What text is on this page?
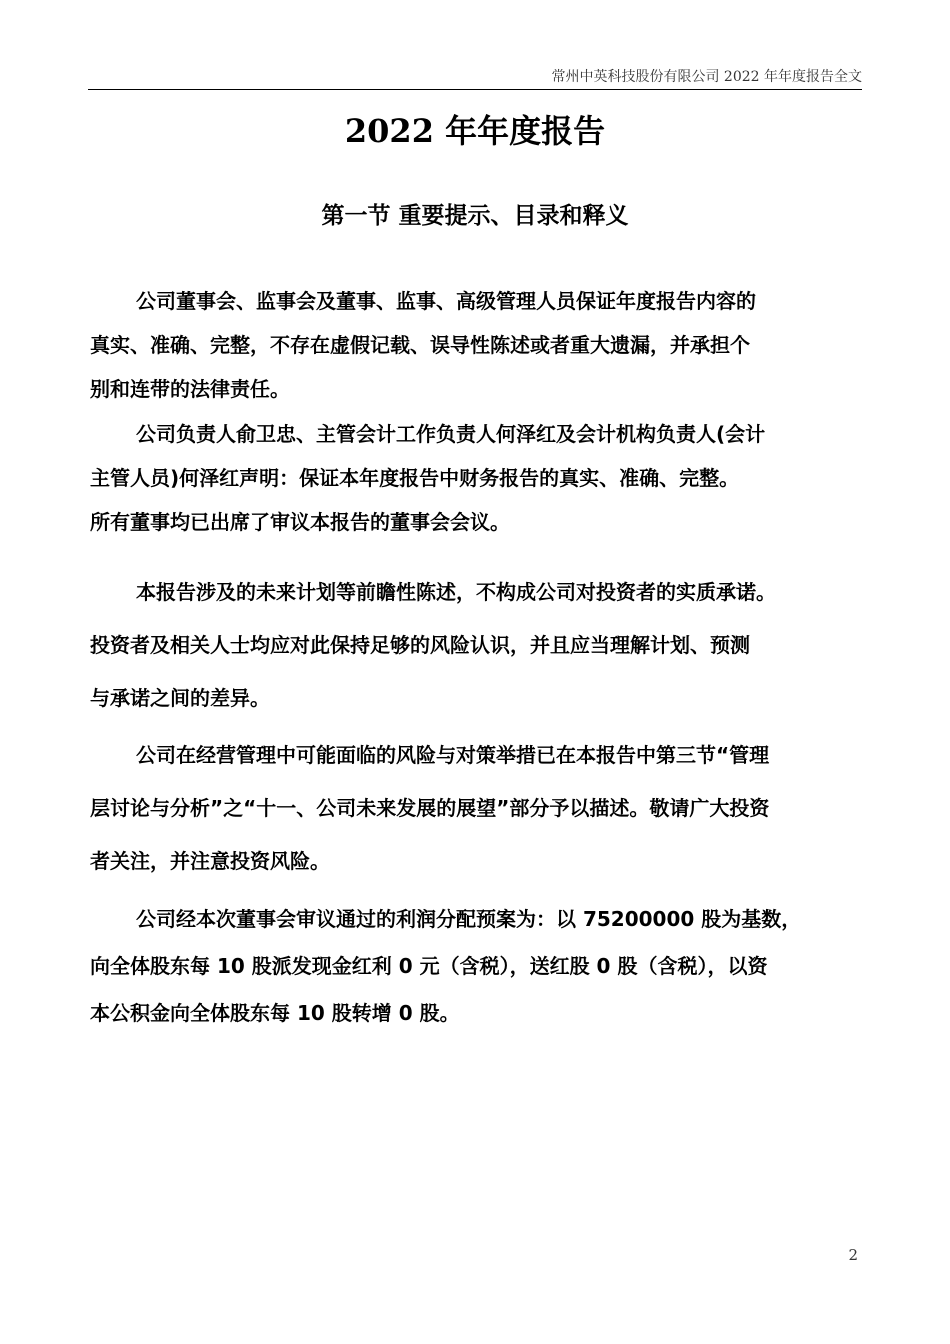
常州中英科技股份有限公司 2022 年年度报告全文
2022 年年度报告
第一节 重要提示、目录和释义
公司董事会、监事会及董事、监事、高级管理人员保证年度报告内容的
真实、准确、完整，不存在虚假记载、误导性陈述或者重大遗漏，并承担个
别和连带的法律责任。
公司负责人俞卫忠、主管会计工作负责人何泽红及会计机构负责人(会计
主管人员)何泽红声明：保证本年度报告中财务报告的真实、准确、完整。
所有董事均已出席了审议本报告的董事会会议。
本报告涉及的未来计划等前瞻性陈述，不构成公司对投资者的实质承诺。
投资者及相关人士均应对此保持足够的风险认识，并且应当理解计划、预测
与承诺之间的差异。
公司在经营管理中可能面临的风险与对策举措已在本报告中第三节“管理
层讨论与分析”之“十一、公司未来发展的展望”部分予以描述。敬请广大投资
者关注，并注意投资风险。
公司经本次董事会审议通过的利润分配预案为：以 75200000 股为基数，
向全体股东每 10 股派发现金红利 0 元（含税），送红股 0 股（含税），以资
本公积金向全体股东每 10 股转增 0 股。
2
